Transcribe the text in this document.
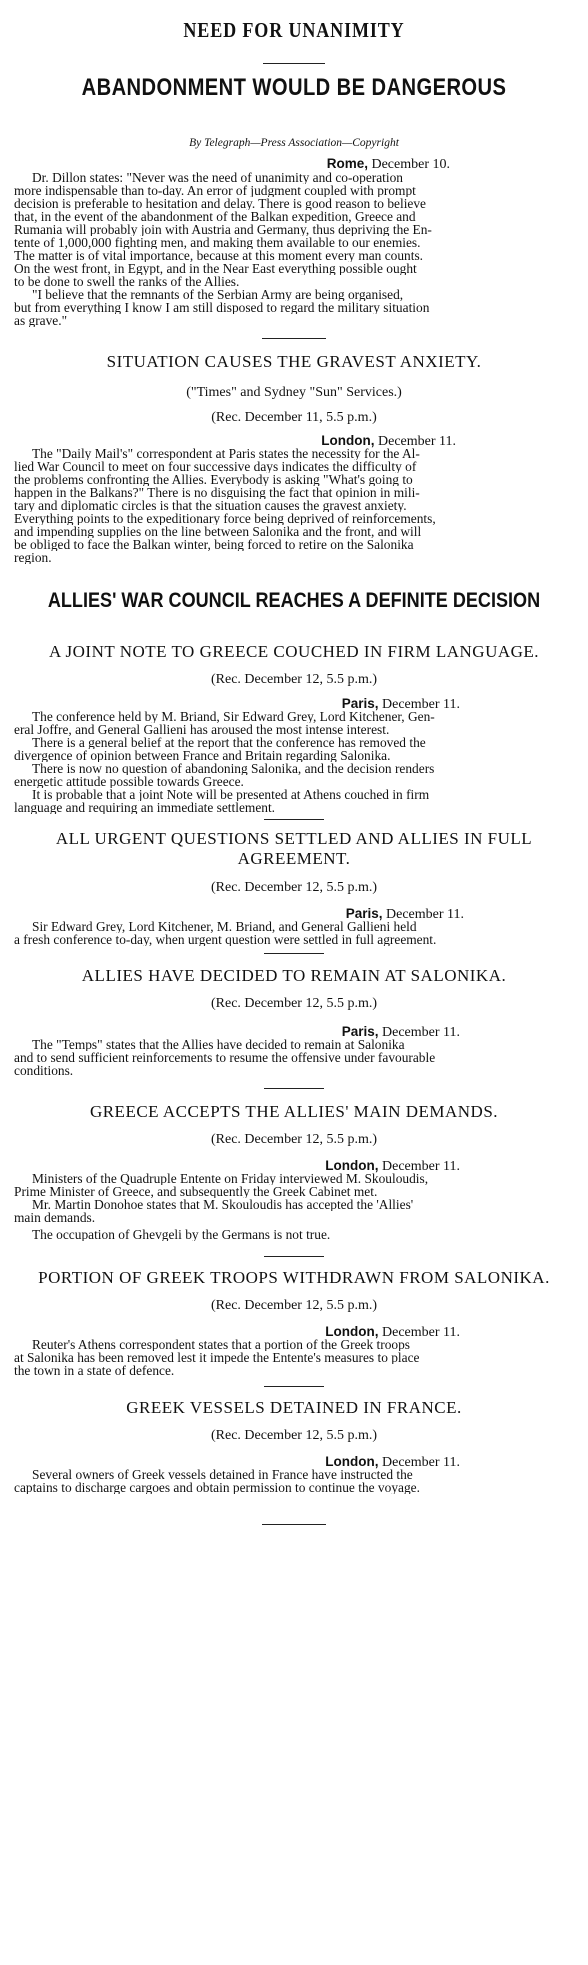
NEED FOR UNANIMITY
ABANDONMENT WOULD BE DANGEROUS
By Telegraph—Press Association—Copyright
Rome, December 10.
Dr. Dillon states: "Never was the need of unanimity and co-operation
more indispensable than to-day. An error of judgment coupled with prompt
decision is preferable to hesitation and delay. There is good reason to believe
that, in the event of the abandonment of the Balkan expedition, Greece and
Rumania will probably join with Austria and Germany, thus depriving the En-
tente of 1,000,000 fighting men, and making them available to our enemies.
The matter is of vital importance, because at this moment every man counts.
On the west front, in Egypt, and in the Near East everything possible ought
to be done to swell the ranks of the Allies.
"I believe that the remnants of the Serbian Army are being organised,
but from everything I know I am still disposed to regard the military situation
as grave."
SITUATION CAUSES THE GRAVEST ANXIETY.
("Times" and Sydney "Sun" Services.)
(Rec. December 11, 5.5 p.m.)
London, December 11.
The "Daily Mail's" correspondent at Paris states the necessity for the Al-
lied War Council to meet on four successive days indicates the difficulty of
the problems confronting the Allies. Everybody is asking "What's going to
happen in the Balkans?" There is no disguising the fact that opinion in mili-
tary and diplomatic circles is that the situation causes the gravest anxiety.
Everything points to the expeditionary force being deprived of reinforcements,
and impending supplies on the line between Salonika and the front, and will
be obliged to face the Balkan winter, being forced to retire on the Salonika
region.
ALLIES' WAR COUNCIL REACHES A DEFINITE DECISION
A JOINT NOTE TO GREECE COUCHED IN FIRM LANGUAGE.
(Rec. December 12, 5.5 p.m.)
Paris, December 11.
The conference held by M. Briand, Sir Edward Grey, Lord Kitchener, Gen-
eral Joffre, and General Gallieni has aroused the most intense interest.
There is a general belief at the report that the conference has removed the
divergence of opinion between France and Britain regarding Salonika.
There is now no question of abandoning Salonika, and the decision renders
energetic attitude possible towards Greece.
It is probable that a joint Note will be presented at Athens couched in firm
language and requiring an immediate settlement.
ALL URGENT QUESTIONS SETTLED AND ALLIES IN FULL
AGREEMENT.
(Rec. December 12, 5.5 p.m.)
Paris, December 11.
Sir Edward Grey, Lord Kitchener, M. Briand, and General Gallieni held
a fresh conference to-day, when urgent question were settled in full agreement.
ALLIES HAVE DECIDED TO REMAIN AT SALONIKA.
(Rec. December 12, 5.5 p.m.)
Paris, December 11.
The "Temps" states that the Allies have decided to remain at Salonika
and to send sufficient reinforcements to resume the offensive under favourable
conditions.
GREECE ACCEPTS THE ALLIES' MAIN DEMANDS.
(Rec. December 12, 5.5 p.m.)
London, December 11.
Ministers of the Quadruple Entente on Friday interviewed M. Skouloudis,
Prime Minister of Greece, and subsequently the Greek Cabinet met.
Mr. Martin Donohoe states that M. Skouloudis has accepted the 'Allies'
main demands.
The occupation of Ghevgeli by the Germans is not true.
PORTION OF GREEK TROOPS WITHDRAWN FROM SALONIKA.
(Rec. December 12, 5.5 p.m.)
London, December 11.
Reuter's Athens correspondent states that a portion of the Greek troops
at Salonika has been removed lest it impede the Entente's measures to place
the town in a state of defence.
GREEK VESSELS DETAINED IN FRANCE.
(Rec. December 12, 5.5 p.m.)
London, December 11.
Several owners of Greek vessels detained in France have instructed the
captains to discharge cargoes and obtain permission to continue the voyage.
